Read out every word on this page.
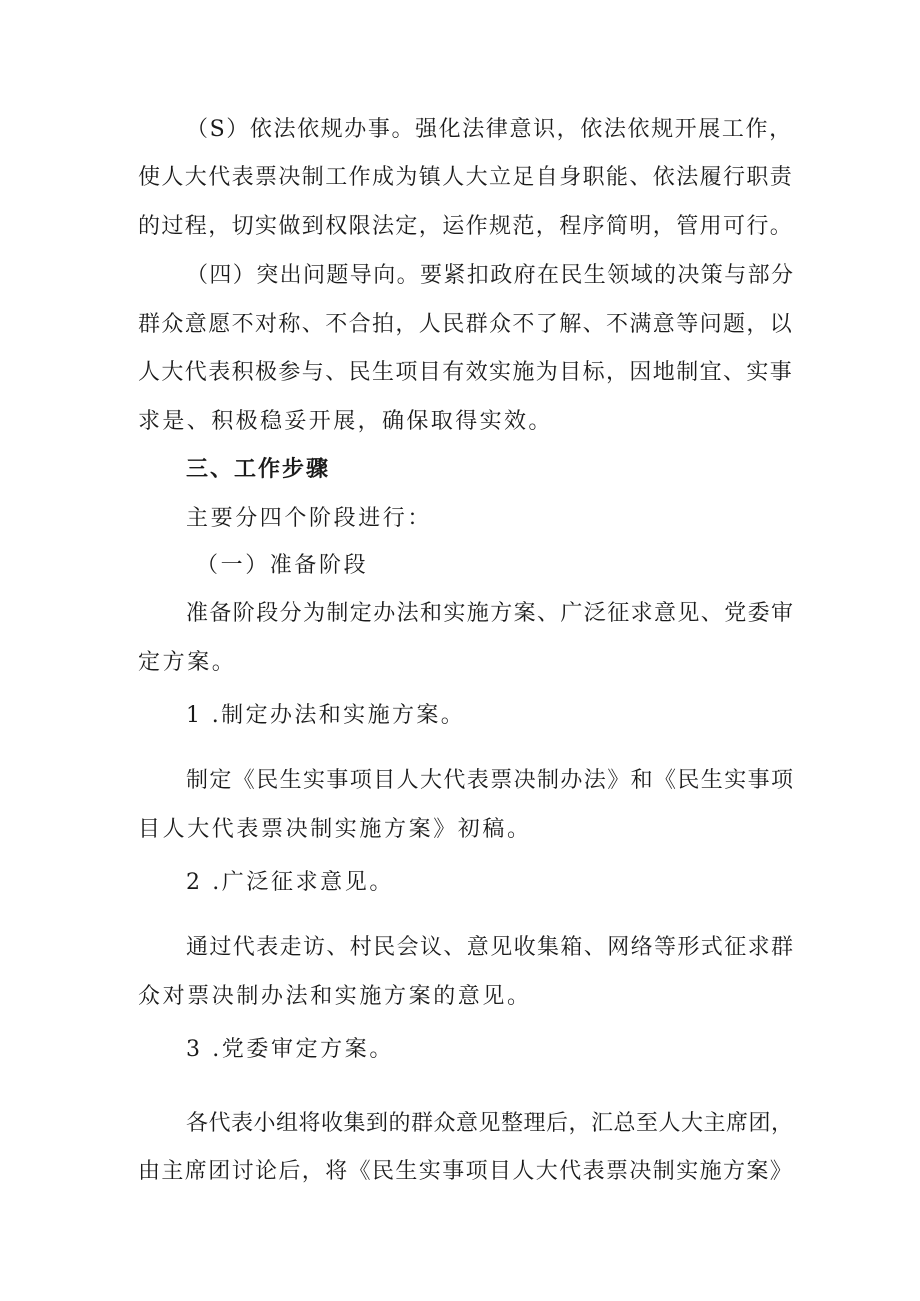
（S）依法依规办事。强化法律意识，依法依规开展工作，
使人大代表票决制工作成为镇人大立足自身职能、依法履行职责
的过程，切实做到权限法定，运作规范，程序简明，管用可行。
（四）突出问题导向。要紧扣政府在民生领域的决策与部分
群众意愿不对称、不合拍，人民群众不了解、不满意等问题，以
人大代表积极参与、民生项目有效实施为目标，因地制宜、实事
求是、积极稳妥开展，确保取得实效。
三、工作步骤
主要分四个阶段进行：
（一）准备阶段
准备阶段分为制定办法和实施方案、广泛征求意见、党委审
定方案。
1 .制定办法和实施方案。
制定《民生实事项目人大代表票决制办法》和《民生实事项
目人大代表票决制实施方案》初稿。
2 .广泛征求意见。
通过代表走访、村民会议、意见收集箱、网络等形式征求群
众对票决制办法和实施方案的意见。
3 .党委审定方案。
各代表小组将收集到的群众意见整理后，汇总至人大主席团，
由主席团讨论后，将《民生实事项目人大代表票决制实施方案》
